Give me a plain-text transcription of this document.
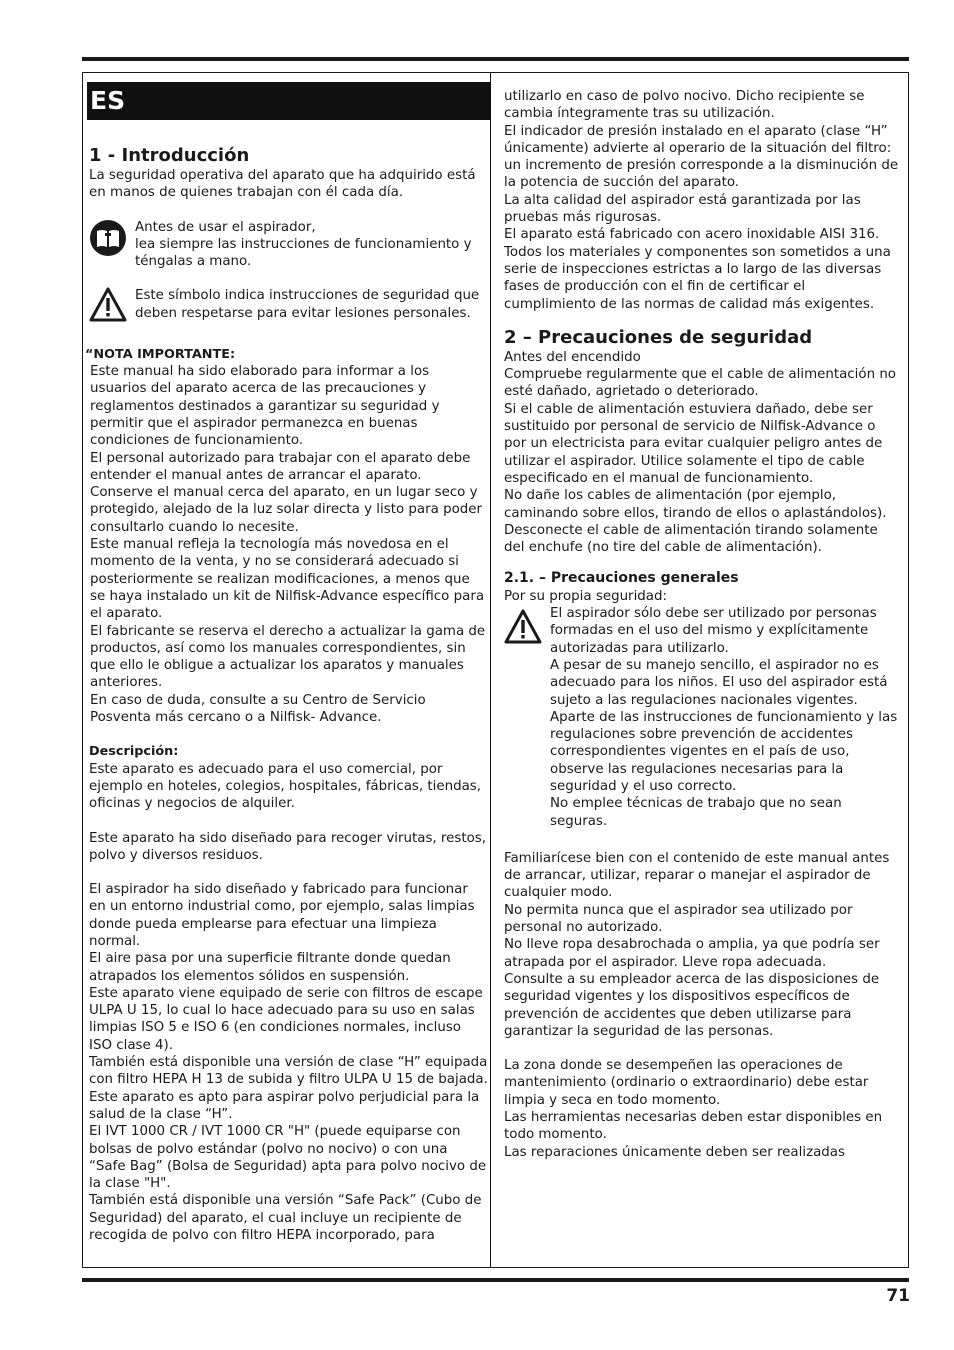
ES
1 - Introducción

La seguridad operativa del aparato que ha adquirido está en manos de quienes trabajan con él cada día.

Antes de usar el aspirador,

lea siempre las instrucciones de funcionamiento y téngalas a mano.

Este símbolo indica instrucciones de seguridad que deben respetarse para evitar lesiones personales.

“NOTA IMPORTANTE:

Este manual ha sido elaborado para informar a los usuarios del aparato acerca de las precauciones y reglamentos destinados a garantizar su seguridad y permitir que el aspirador permanezca en buenas condiciones de funcionamiento.

El personal autorizado para trabajar con el aparato debe entender el manual antes de arrancar el aparato.

Conserve el manual cerca del aparato, en un lugar seco y protegido, alejado de la luz solar directa y listo para poder consultarlo cuando lo necesite.

Este manual refleja la tecnología más novedosa en el momento de la venta, y no se considerará adecuado si posteriormente se realizan modificaciones, a menos que se haya instalado un kit de Nilfisk-Advance específico para el aparato.

El fabricante se reserva el derecho a actualizar la gama de productos, así como los manuales correspondientes, sin que ello le obligue a actualizar los aparatos y manuales anteriores.

En caso de duda, consulte a su Centro de Servicio Posventa más cercano o a Nilfisk- Advance.

Descripción:

Este aparato es adecuado para el uso comercial, por ejemplo en hoteles, colegios, hospitales, fábricas, tiendas, oficinas y negocios de alquiler.

Este aparato ha sido diseñado para recoger virutas, restos, polvo y diversos residuos.

El aspirador ha sido diseñado y fabricado para funcionar en un entorno industrial como, por ejemplo, salas limpias donde pueda emplearse para efectuar una limpieza normal.

El aire pasa por una superficie filtrante donde quedan atrapados los elementos sólidos en suspensión.

Este aparato viene equipado de serie con filtros de escape ULPA U 15, lo cual lo hace adecuado para su uso en salas limpias ISO 5 e ISO 6 (en condiciones normales, incluso ISO clase 4).

También está disponible una versión de clase “H” equipada con filtro HEPA H 13 de subida y filtro ULPA U 15 de bajada. Este aparato es apto para aspirar polvo perjudicial para la salud de la clase “H”.

El IVT 1000 CR / IVT 1000 CR "H" (puede equiparse con bolsas de polvo estándar (polvo no nocivo) o con una “Safe Bag” (Bolsa de Seguridad) apta para polvo nocivo de la clase "H".

También está disponible una versión “Safe Pack” (Cubo de Seguridad) del aparato, el cual incluye un recipiente de recogida de polvo con filtro HEPA incorporado, para

utilizarlo en caso de polvo nocivo. Dicho recipiente se cambia íntegramente tras su utilización.

El indicador de presión instalado en el aparato (clase “H” únicamente) advierte al operario de la situación del filtro: un incremento de presión corresponde a la disminución de la potencia de succión del aparato.

La alta calidad del aspirador está garantizada por las pruebas más rigurosas.

El aparato está fabricado con acero inoxidable AISI 316.

Todos los materiales y componentes son sometidos a una serie de inspecciones estrictas a lo largo de las diversas fases de producción con el fin de certificar el cumplimiento de las normas de calidad más exigentes.

2 – Precauciones de seguridad

Antes del encendido

Compruebe regularmente que el cable de alimentación no esté dañado, agrietado o deteriorado.

Si el cable de alimentación estuviera dañado, debe ser sustituido por personal de servicio de Nilfisk-Advance o por un electricista para evitar cualquier peligro antes de utilizar el aspirador. Utilice solamente el tipo de cable especificado en el manual de funcionamiento.

No dañe los cables de alimentación (por ejemplo, caminando sobre ellos, tirando de ellos o aplastándolos).

Desconecte el cable de alimentación tirando solamente del enchufe (no tire del cable de alimentación).

2.1. – Precauciones generales

Por su propia seguridad:

El aspirador sólo debe ser utilizado por personas formadas en el uso del mismo y explícitamente autorizadas para utilizarlo.

A pesar de su manejo sencillo, el aspirador no es adecuado para los niños. El uso del aspirador está sujeto a las regulaciones nacionales vigentes. Aparte de las instrucciones de funcionamiento y las regulaciones sobre prevención de accidentes correspondientes vigentes en el país de uso, observe las regulaciones necesarias para la seguridad y el uso correcto.

No emplee técnicas de trabajo que no sean seguras.

Familiarícese bien con el contenido de este manual antes de arrancar, utilizar, reparar o manejar el aspirador de cualquier modo.

No permita nunca que el aspirador sea utilizado por personal no autorizado.

No lleve ropa desabrochada o amplia, ya que podría ser atrapada por el aspirador. Lleve ropa adecuada.

Consulte a su empleador acerca de las disposiciones de seguridad vigentes y los dispositivos específicos de prevención de accidentes que deben utilizarse para garantizar la seguridad de las personas.

La zona donde se desempeñen las operaciones de mantenimiento (ordinario o extraordinario) debe estar limpia y seca en todo momento.

Las herramientas necesarias deben estar disponibles en todo momento.

Las reparaciones únicamente deben ser realizadas

71
